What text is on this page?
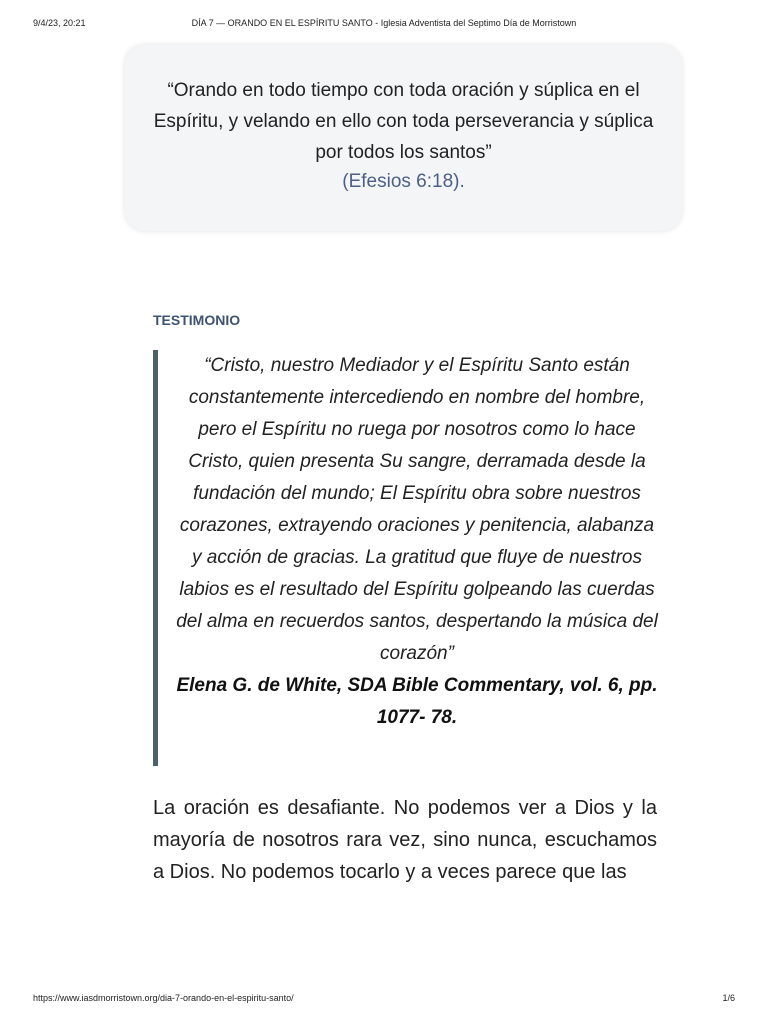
9/4/23, 20:21	DÍA 7 — ORANDO EN EL ESPÍRITU SANTO - Iglesia Adventista del Septimo Día de Morristown
“Orando en todo tiempo con toda oración y súplica en el Espíritu, y velando en ello con toda perseverancia y súplica por todos los santos”
(Efesios 6:18).
TESTIMONIO

“Cristo, nuestro Mediador y el Espíritu Santo están constantemente intercediendo en nombre del hombre, pero el Espíritu no ruega por nosotros como lo hace Cristo, quien presenta Su sangre, derramada desde la fundación del mundo; El Espíritu obra sobre nuestros corazones, extrayendo oraciones y penitencia, alabanza y acción de gracias. La gratitud que fluye de nuestros labios es el resultado del Espíritu golpeando las cuerdas del alma en recuerdos santos, despertando la música del corazón”

Elena G. de White, SDA Bible Commentary, vol. 6, pp. 1077- 78.

La oración es desafiante. No podemos ver a Dios y la mayoría de nosotros rara vez, sino nunca, escuchamos a Dios. No podemos tocarlo y a veces parece que las

https://www.iasdmorristown.org/dia-7-orando-en-el-espiritu-santo/	1/6
